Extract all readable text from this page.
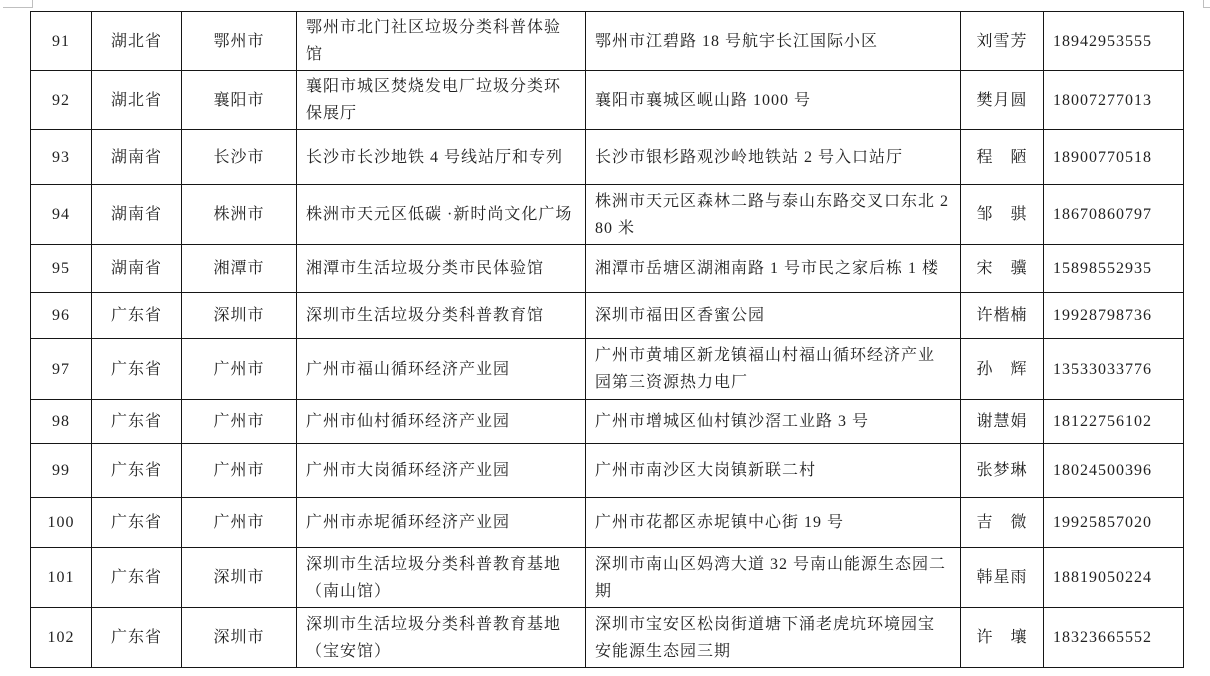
91	湖北省	鄂州市	鄂州市北门社区垃圾分类科普体验馆	鄂州市江碧路 18 号航宇长江国际小区	刘雪芳	18942953555
92	湖北省	襄阳市	襄阳市城区焚烧发电厂垃圾分类环保展厅	襄阳市襄城区岘山路 1000 号	樊月圆	18007277013
93	湖南省	长沙市	长沙市长沙地铁 4 号线站厅和专列	长沙市银杉路观沙岭地铁站 2 号入口站厅	程　陋	18900770518
94	湖南省	株洲市	株洲市天元区低碳 ·新时尚文化广场	株洲市天元区森林二路与泰山东路交叉口东北 280 米	邹　骐	18670860797
95	湖南省	湘潭市	湘潭市生活垃圾分类市民体验馆	湘潭市岳塘区湖湘南路 1 号市民之家后栋 1 楼	宋　骥	15898552935
96	广东省	深圳市	深圳市生活垃圾分类科普教育馆	深圳市福田区香蜜公园	许楷楠	19928798736
97	广东省	广州市	广州市福山循环经济产业园	广州市黄埔区新龙镇福山村福山循环经济产业园第三资源热力电厂	孙　辉	13533033776
98	广东省	广州市	广州市仙村循环经济产业园	广州市增城区仙村镇沙滘工业路 3 号	谢慧娟	18122756102
99	广东省	广州市	广州市大岗循环经济产业园	广州市南沙区大岗镇新联二村	张梦琳	18024500396
100	广东省	广州市	广州市赤坭循环经济产业园	广州市花都区赤坭镇中心街 19 号	吉　微	19925857020
101	广东省	深圳市	深圳市生活垃圾分类科普教育基地（南山馆）	深圳市南山区妈湾大道 32 号南山能源生态园二期	韩星雨	18819050224
102	广东省	深圳市	深圳市生活垃圾分类科普教育基地（宝安馆）	深圳市宝安区松岗街道塘下涌老虎坑环境园宝安能源生态园三期	许　壤	18323665552
